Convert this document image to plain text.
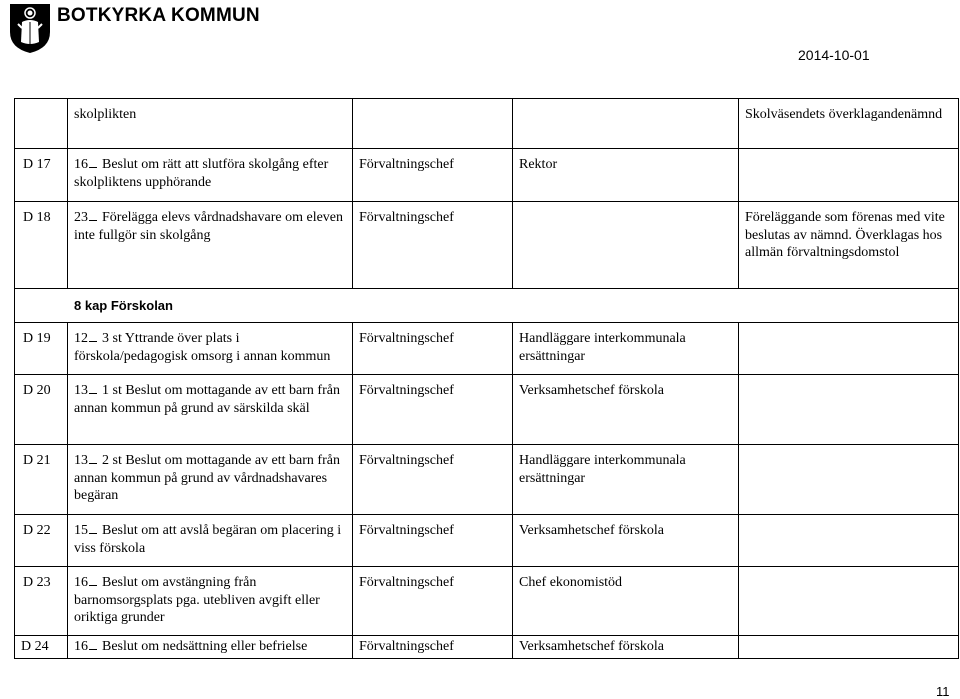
BOTKYRKA KOMMUN
2014-10-01
	skolplikten			Skolväsendets överklagandenämnd
D 17	16 Beslut om rätt att slutföra skolgång efter skolpliktens upphörande	Förvaltningschef	Rektor	
D 18	23 Förelägga elevs vårdnadshavare om eleven inte fullgör sin skolgång	Förvaltningschef		Föreläggande som förenas med vite beslutas av nämnd. Överklagas hos allmän förvaltningsdomstol
8 kap Förskolan				
D 19	12 3 st Yttrande över plats i förskola/pedagogisk omsorg i annan kommun	Förvaltningschef	Handläggare interkommunala ersättningar	
D 20	13 1 st Beslut om mottagande av ett barn från annan kommun på grund av särskilda skäl	Förvaltningschef	Verksamhetschef förskola	
D 21	13 2 st Beslut om mottagande av ett barn från annan kommun på grund av vårdnadshavares begäran	Förvaltningschef	Handläggare interkommunala ersättningar	
D 22	15 Beslut om att avslå begäran om placering i viss förskola	Förvaltningschef	Verksamhetschef förskola	
D 23	16 Beslut om avstängning från barnomsorgsplats pga. utebliven avgift eller oriktiga grunder	Förvaltningschef	Chef ekonomistöd	
D 24	16 Beslut om nedsättning eller befrielse	Förvaltningschef	Verksamhetschef förskola	
11
